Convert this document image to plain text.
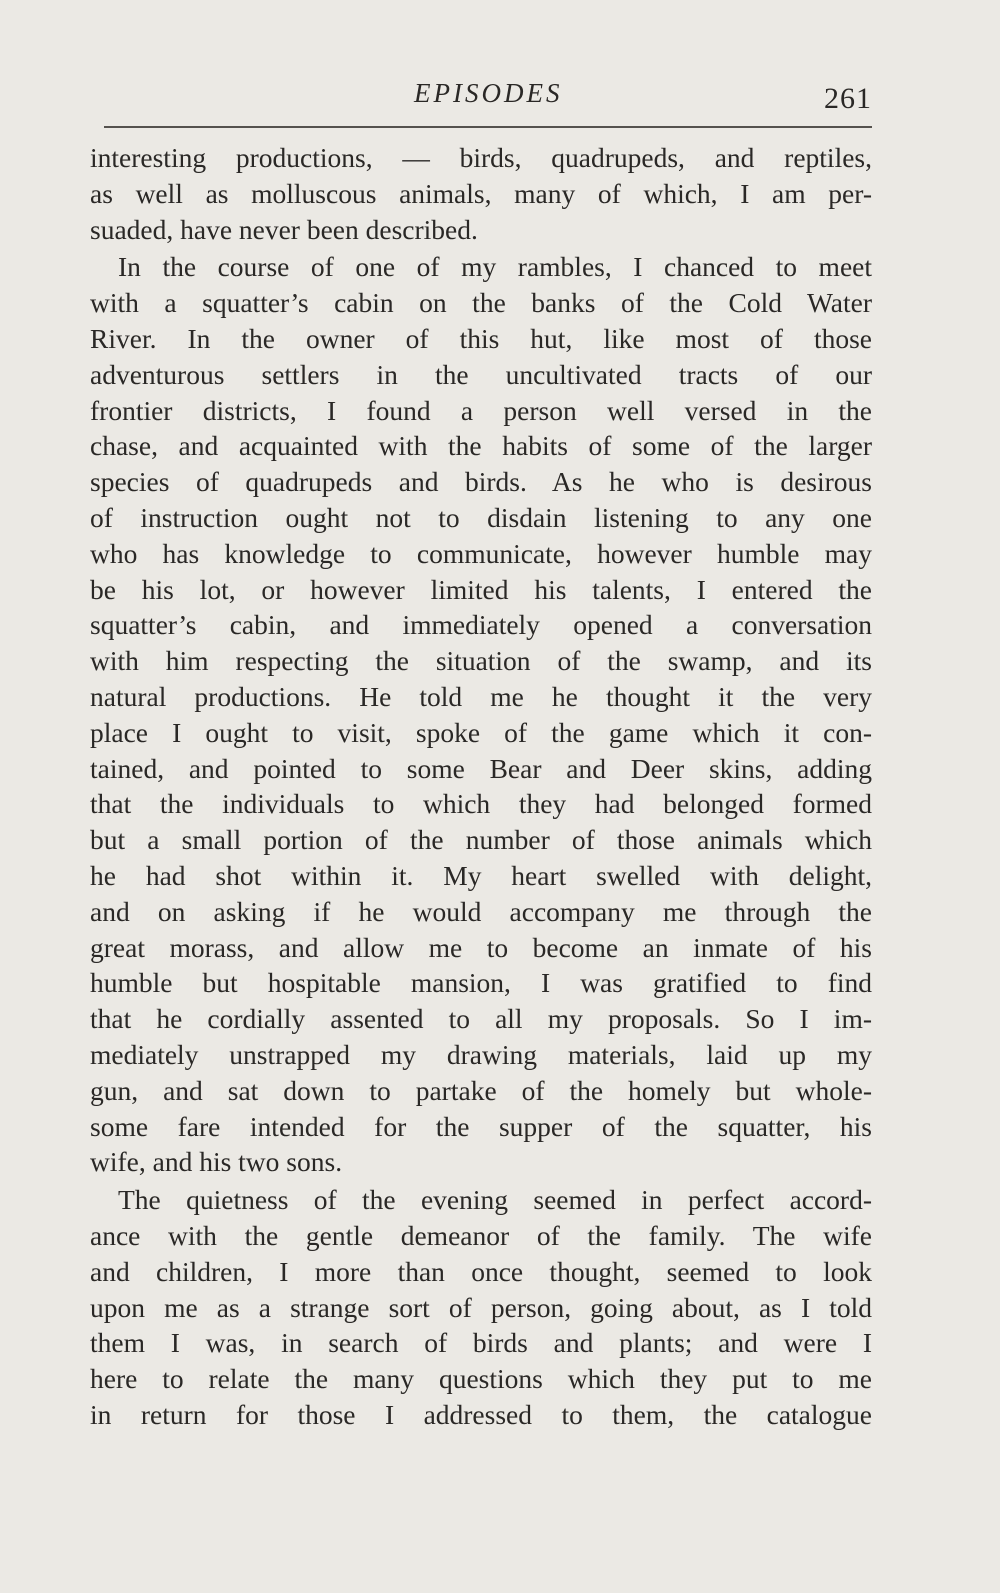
EPISODES	261
interesting productions, — birds, quadrupeds, and reptiles,
as well as molluscous animals, many of which, I am per-
suaded, have never been described.
In the course of one of my rambles, I chanced to meet
with a squatter’s cabin on the banks of the Cold Water
River. In the owner of this hut, like most of those
adventurous settlers in the uncultivated tracts of our
frontier districts, I found a person well versed in the
chase, and acquainted with the habits of some of the larger
species of quadrupeds and birds. As he who is desirous
of instruction ought not to disdain listening to any one
who has knowledge to communicate, however humble may
be his lot, or however limited his talents, I entered the
squatter’s cabin, and immediately opened a conversation
with him respecting the situation of the swamp, and its
natural productions. He told me he thought it the very
place I ought to visit, spoke of the game which it con-
tained, and pointed to some Bear and Deer skins, adding
that the individuals to which they had belonged formed
but a small portion of the number of those animals which
he had shot within it. My heart swelled with delight,
and on asking if he would accompany me through the
great morass, and allow me to become an inmate of his
humble but hospitable mansion, I was gratified to find
that he cordially assented to all my proposals. So I im-
mediately unstrapped my drawing materials, laid up my
gun, and sat down to partake of the homely but whole-
some fare intended for the supper of the squatter, his
wife, and his two sons.
The quietness of the evening seemed in perfect accord-
ance with the gentle demeanor of the family. The wife
and children, I more than once thought, seemed to look
upon me as a strange sort of person, going about, as I told
them I was, in search of birds and plants; and were I
here to relate the many questions which they put to me
in return for those I addressed to them, the catalogue
